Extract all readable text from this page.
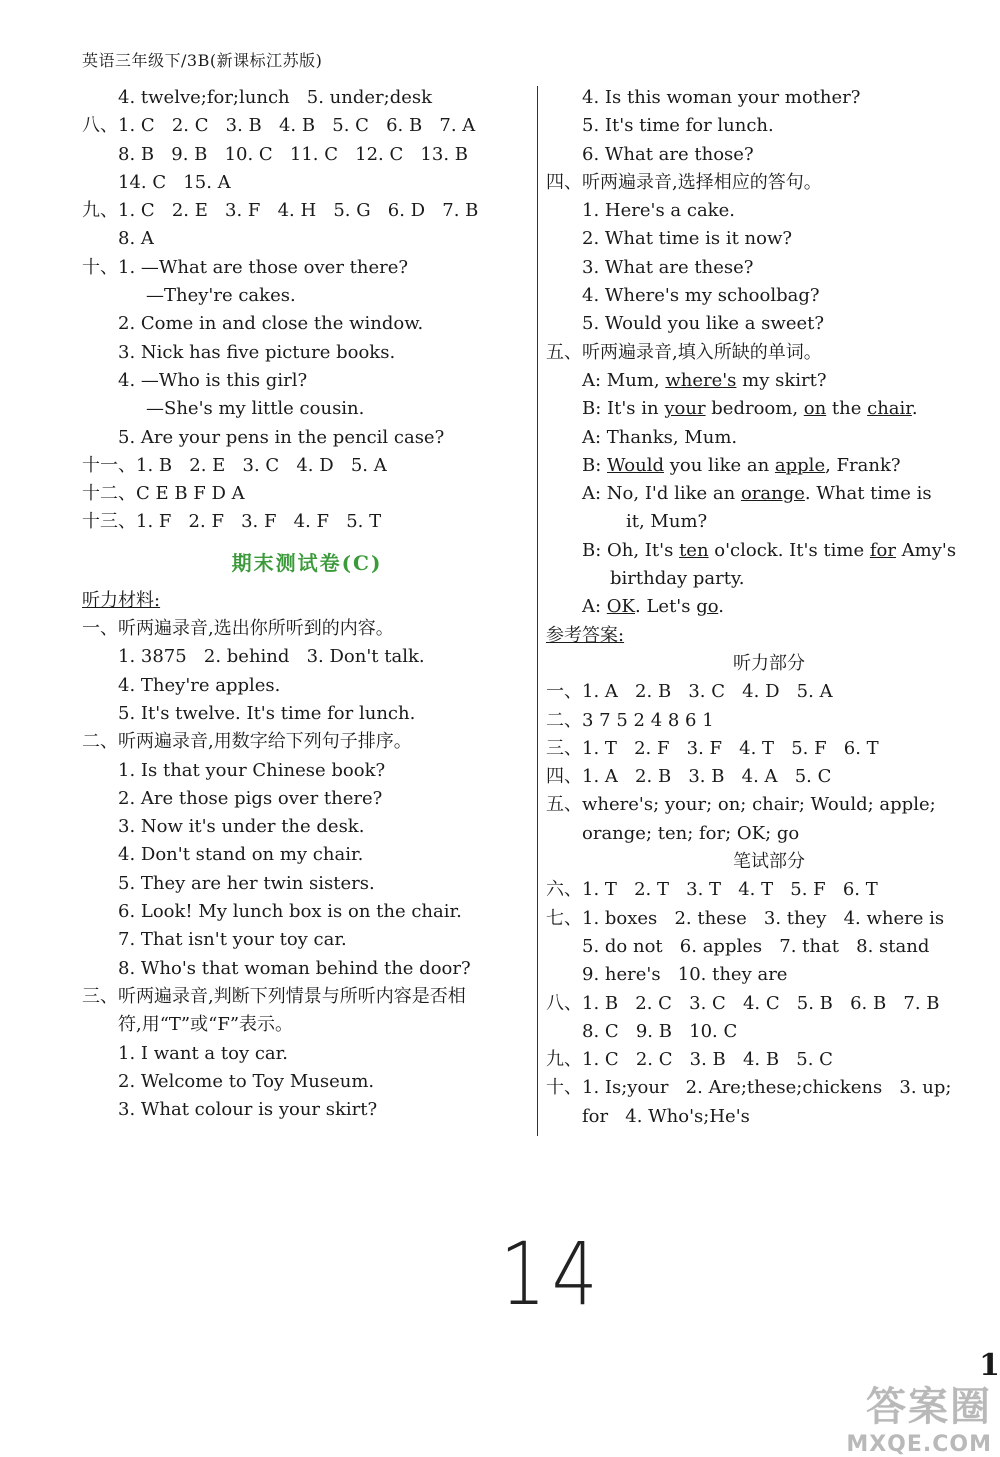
英语三年级下/3B(新课标江苏版)
4. twelve;for;lunch   5. under;desk
八、1. C   2. C   3. B   4. B   5. C   6. B   7. A
8. B   9. B   10. C   11. C   12. C   13. B
14. C   15. A
九、1. C   2. E   3. F   4. H   5. G   6. D   7. B
8. A
十、1. —What are those over there?
—They're cakes.
2. Come in and close the window.
3. Nick has five picture books.
4. —Who is this girl?
—She's my little cousin.
5. Are your pens in the pencil case?
十一、1. B   2. E   3. C   4. D   5. A
十二、C E B F D A
十三、1. F   2. F   3. F   4. F   5. T
期末测试卷(C)
听力材料:
一、听两遍录音,选出你所听到的内容。
1. 3875   2. behind   3. Don't talk.
4. They're apples.
5. It's twelve. It's time for lunch.
二、听两遍录音,用数字给下列句子排序。
1. Is that your Chinese book?
2. Are those pigs over there?
3. Now it's under the desk.
4. Don't stand on my chair.
5. They are her twin sisters.
6. Look! My lunch box is on the chair.
7. That isn't your toy car.
8. Who's that woman behind the door?
三、听两遍录音,判断下列情景与所听内容是否相
符,用“T”或“F”表示。
1. I want a toy car.
2. Welcome to Toy Museum.
3. What colour is your skirt?
4. Is this woman your mother?
5. It's time for lunch.
6. What are those?
四、听两遍录音,选择相应的答句。
1. Here's a cake.
2. What time is it now?
3. What are these?
4. Where's my schoolbag?
5. Would you like a sweet?
五、听两遍录音,填入所缺的单词。
A: Mum, where's my skirt?
B: It's in your bedroom, on the chair.
A: Thanks, Mum.
B: Would you like an apple, Frank?
A: No, I'd like an orange. What time is
it, Mum?
B: Oh, It's ten o'clock. It's time for Amy's
birthday party.
A: OK. Let's go.
参考答案:
听力部分
一、1. A   2. B   3. C   4. D   5. A
二、3 7 5 2 4 8 6 1
三、1. T   2. F   3. F   4. T   5. F   6. T
四、1. A   2. B   3. B   4. A   5. C
五、where's; your; on; chair; Would; apple;
orange; ten; for; OK; go
笔试部分
六、1. T   2. T   3. T   4. T   5. F   6. T
七、1. boxes   2. these   3. they   4. where is
5. do not   6. apples   7. that   8. stand
9. here's   10. they are
八、1. B   2. C   3. C   4. C   5. B   6. B   7. B
8. C   9. B   10. C
九、1. C   2. C   3. B   4. B   5. C
十、1. Is;your   2. Are;these;chickens   3. up;
for   4. Who's;He's
14
1
答案圈
MXQE.COM
